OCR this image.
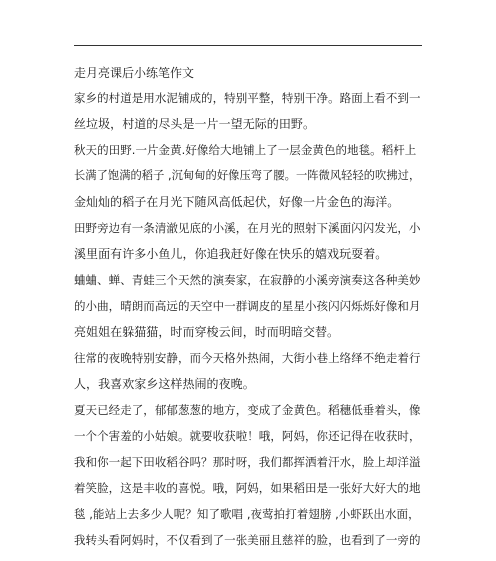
走月亮课后小练笔作文
家乡的村道是用水泥铺成的，特别平整，特别干净。路面上看不到一
丝垃圾，村道的尽头是一片一望无际的田野。
秋天的田野.一片金黄.好像给大地铺上了一层金黄色的地毯。稻杆上
长满了饱满的稻子 ,沉甸甸的好像压弯了腰。一阵微风轻轻的吹拂过，
金灿灿的稻子在月光下随风高低起伏，好像一片金色的海洋。
田野旁边有一条清澈见底的小溪，在月光的照射下溪面闪闪发光，小
溪里面有许多小鱼儿，你追我赶好像在快乐的嬉戏玩耍着。
蛐蛐、蝉、青蛙三个天然的演奏家，在寂静的小溪旁演奏这各种美妙
的小曲，晴朗而高远的天空中一群调皮的星星小孩闪闪烁烁好像和月
亮姐姐在躲猫猫，时而穿梭云间，时而明暗交替。
往常的夜晚特别安静，而今天格外热闹，大街小巷上络绎不绝走着行
人，我喜欢家乡这样热闹的夜晚。
夏天已经走了，郁郁葱葱的地方，变成了金黄色。稻穗低垂着头，像
一个个害羞的小姑娘。就要收获啦！哦，阿妈，你还记得在收获时，
我和你一起下田收稻谷吗？那时呀，我们都挥洒着汗水，脸上却洋溢
着笑脸，这是丰收的喜悦。哦，阿妈，如果稻田是一张好大好大的地
毯 ,能站上去多少人呢？知了歌唱 ,夜莺拍打着翅膀 ,小虾跃出水面，
我转头看阿妈时，不仅看到了一张美丽且慈祥的脸，也看到了一旁的
